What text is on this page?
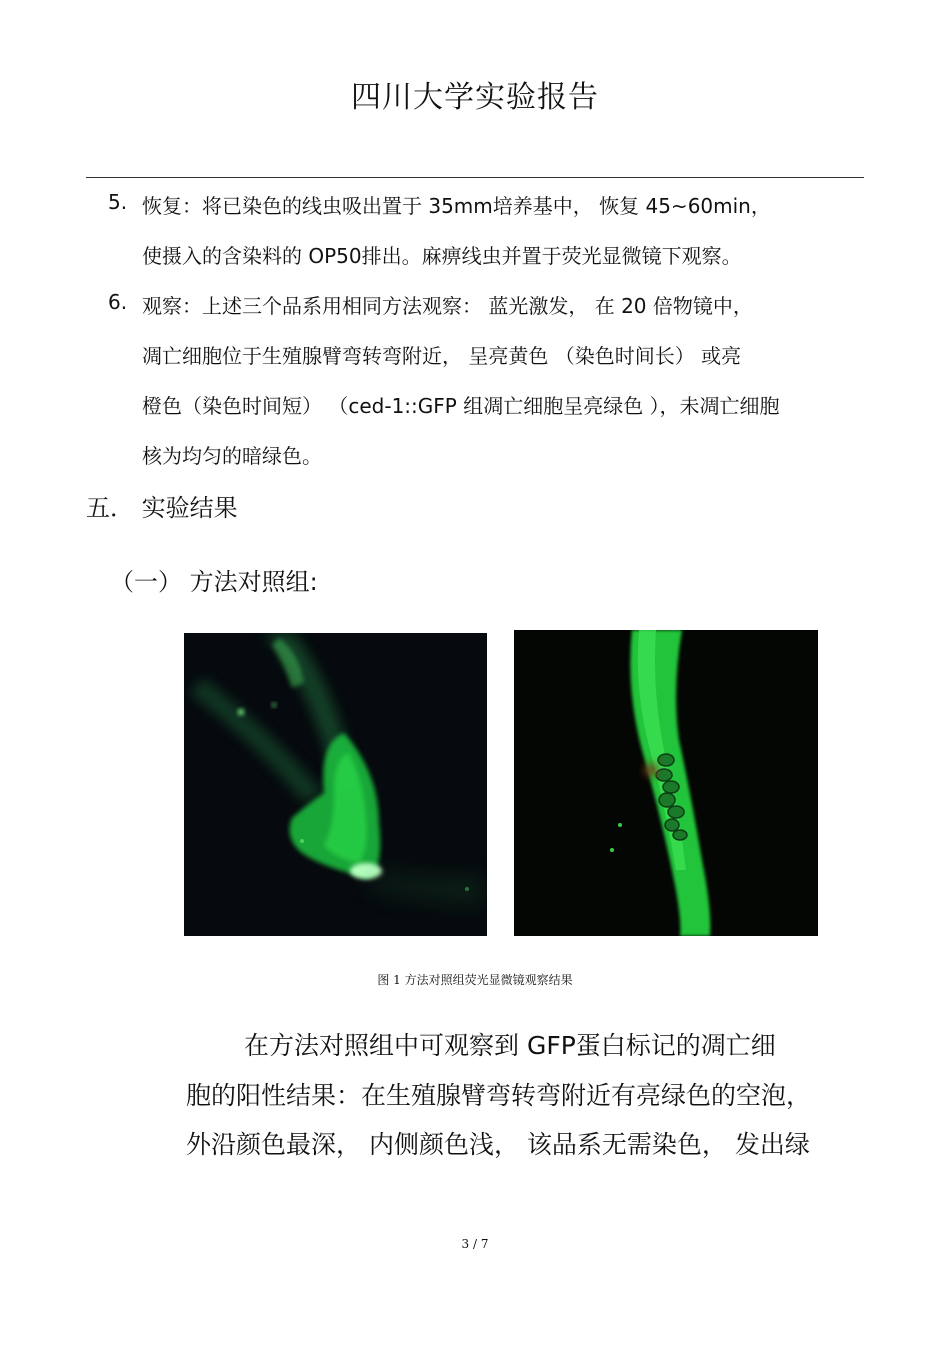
四川大学实验报告
5. 恢复：将已染色的线虫吸出置于 35mm培养基中， 恢复 45~60min，
使摄入的含染料的 OP50排出。麻痹线虫并置于荧光显微镜下观察。
6. 观察：上述三个品系用相同方法观察： 蓝光激发， 在 20 倍物镜中，
凋亡细胞位于生殖腺臂弯转弯附近， 呈亮黄色 （染色时间长） 或亮
橙色（染色时间短） （ced-1::GFP 组凋亡细胞呈亮绿色 ），未凋亡细胞
核为均匀的暗绿色。
五． 实验结果
（一） 方法对照组:
图 1 方法对照组荧光显微镜观察结果
在方法对照组中可观察到 GFP蛋白标记的凋亡细
胞的阳性结果：在生殖腺臂弯转弯附近有亮绿色的空泡，
外沿颜色最深， 内侧颜色浅， 该品系无需染色， 发出绿
3 / 7
